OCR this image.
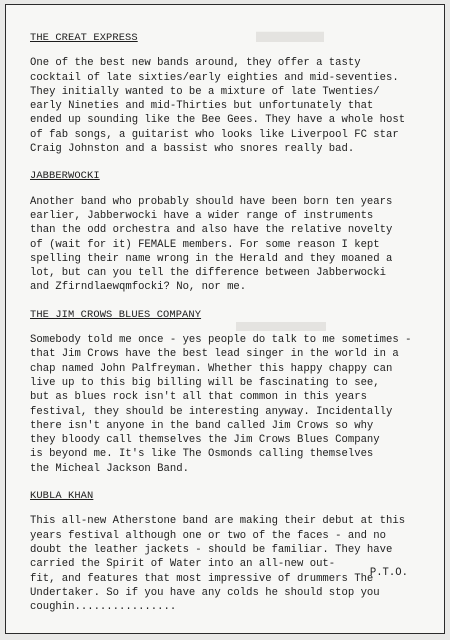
▬▬
▬▬▬
THE CREAT EXPRESS
One of the best new bands around, they offer a tasty
cocktail of late sixties/early eighties and mid-seventies.
They initially wanted to be a mixture of late Twenties/
early Nineties and mid-Thirties but unfortunately that
ended up sounding like the Bee Gees. They have a whole host
of fab songs, a guitarist who looks like Liverpool FC star
Craig Johnston and a bassist who snores really bad.
JABBERWOCKI
Another band who probably should have been born ten years
earlier, Jabberwocki have a wider range of instruments
than the odd orchestra and also have the relative novelty
of (wait for it) FEMALE members. For some reason I kept
spelling their name wrong in the Herald and they moaned a
lot, but can you tell the difference between Jabberwocki
and Zfirndlaewqmfocki? No, nor me.
THE JIM CROWS BLUES COMPANY
Somebody told me once - yes people do talk to me sometimes -
that Jim Crows have the best lead singer in the world in a
chap named John Palfreyman. Whether this happy chappy can
live up to this big billing will be fascinating to see,
but as blues rock isn't all that common in this years
festival, they should be interesting anyway. Incidentally
there isn't anyone in the band called Jim Crows so why
they bloody call themselves the Jim Crows Blues Company
is beyond me. It's like The Osmonds calling themselves
the Micheal Jackson Band.
KUBLA KHAN
This all-new Atherstone band are making their debut at this
years festival although one or two of the faces - and no
doubt the leather jackets - should be familiar. They have
carried the Spirit of Water into an all-new out-
fit, and features that most impressive of drummers The
Undertaker. So if you have any colds he should stop you
coughin................
P.T.O.
